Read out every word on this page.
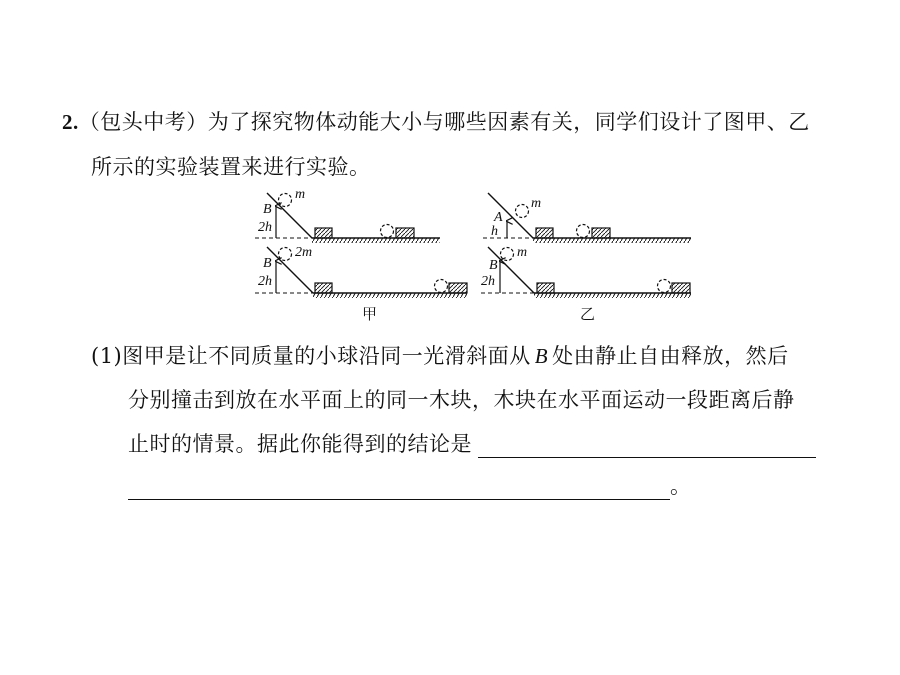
2.（包头中考）为了探究物体动能大小与哪些因素有关，同学们设计了图甲、乙
所示的实验装置来进行实验。
m
B
2h
2m
B
2h
甲
m
A
h
m
B
2h
乙
(1)图甲是让不同质量的小球沿同一光滑斜面从 B 处由静止自由释放，然后
分别撞击到放在水平面上的同一木块，木块在水平面运动一段距离后静
止时的情景。据此你能得到的结论是
。
